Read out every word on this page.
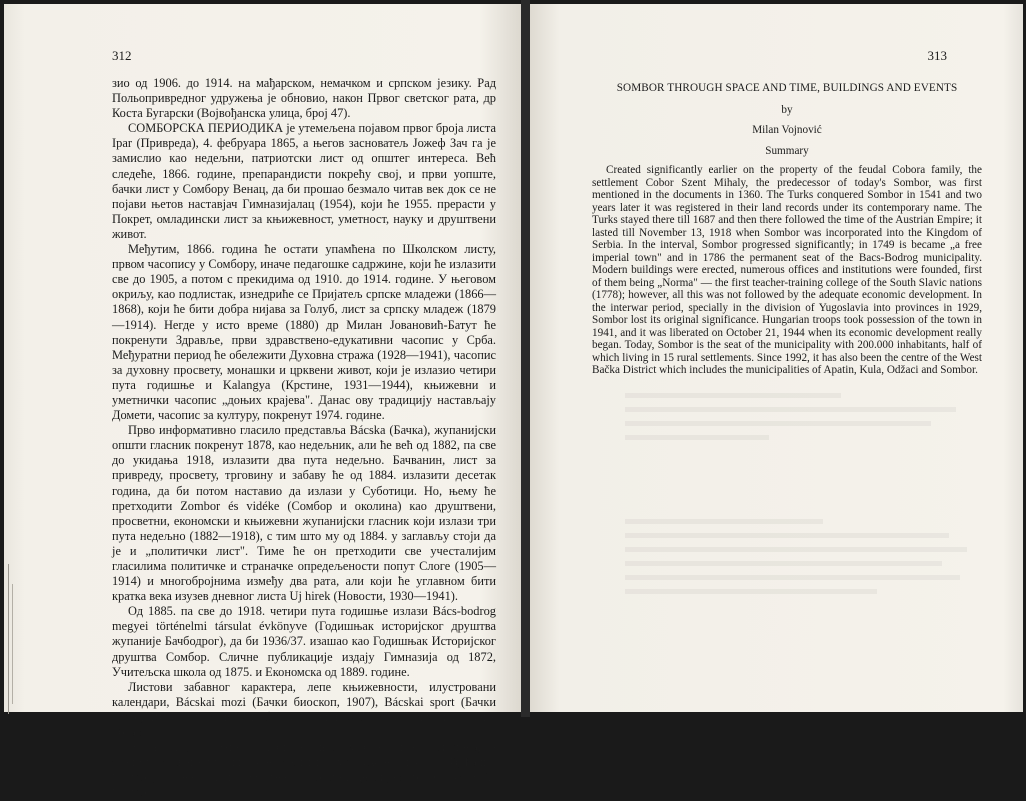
312

зио од 1906. до 1914. на мађарском, немачком и српском језику. Рад Польопривредног удружења је обновио, након Првог светског рата, др Коста Бугарски (Војвођанска улица, број 47).

СОМБОРСКА ПЕРИОДИКА је утемељена појавом првог броја листа Ipar (Привреда), 4. фебруара 1865, а његов засноватељ Јожеф Зач га је замислио као недељни, патриотски лист од општег интереса. Већ следеће, 1866. године, препарандисти покрећу свој, и први уопште, бачки лист у Сомбору Венац, да би прошао безмало читав век док се не појави њетов наставјач Гимназијалац (1954), који ће 1955. прерасти у Покрет, омладински лист за књижевност, уметност, науку и друштвени живот.

Међутим, 1866. година ће остати упамћена по Школском листу, првом часопису у Сомбору, иначе педагошке садржине, који ће излазити све до 1905, а потом с прекидима од 1910. до 1914. године. У његовом окриљу, као подлистак, изнедриће се Пријатељ српске младежи (1866—1868), који ће бити добра нијава за Голуб, лист за српску младеж (1879—1914). Негде у исто време (1880) др Милан Јовановић-Батут ће покренути Здравље, први здравствено-едукативни часопис у Срба. Међуратни период ће обележити Духовна стража (1928—1941), часопис за духовну просвету, монашки и црквени живот, који је излазио четири пута годишње и Kalangya (Крстине, 1931—1944), књижевни и уметнички часопис „доњих крајева". Данас ову традицију настављају Домети, часопис за културу, покренут 1974. године.

Прво информативно гласило представља Bácska (Бачка), жупанијски општи гласник покренут 1878, као недељник, али ће већ од 1882, па све до укидања 1918, излазити два пута недељно. Бачванин, лист за привреду, просвету, трговину и забаву ће од 1884. излазити десетак година, да би потом наставио да излази у Суботици. Но, њему ће претходити Zombor és vidéke (Сомбор и околина) као друштвени, просветни, економски и књижевни жупанијски гласник који излази три пута недељно (1882—1918), с тим што му од 1884. у заглављу стоји да је и „политички лист". Тиме ће он претходити све учесталијим гласилима политичке и страначке опредељености попут Слоге (1905—1914) и многобројнима између два рата, али који ће углавном бити кратка века изузев дневног листа Uj hirek (Новости, 1930—1941).

Од 1885. па све до 1918. четири пута годишње излази Bács-bodrog megyei történelmi társulat évkönyve (Годишњак историјског друштва жупаније Бачбодрог), да би 1936/37. изашао као Годишњак Историјског друштва Сомбор. Сличне публикације издају Гимназија од 1872, Учитељска школа од 1875. и Економска од 1889. године.

Листови забавног карактера, лепе књижевности, илустровани календари, Bácskai mozi (Бачки биоскоп, 1907), Bácskai sport (Бачки спорт, 1914) имају своју публику и задовољавају њен укус из разних области.

Након Другог рата јавност је информисана преко билтена, а традицију јавних гласила ће наставити Сомборске новине (1954), Радио Сомбор, а однедавно и приватне радио станице Сијестар и Сонет и ТВ Сомбор.

313
SOMBOR THROUGH SPACE AND TIME, BUILDINGS AND EVENTS
by
Milan Vojnović
Summary

Created significantly earlier on the property of the feudal Cobora family, the settlement Cobor Szent Mihaly, the predecessor of today's Sombor, was first mentioned in the documents in 1360. The Turks conquered Sombor in 1541 and two years later it was registered in their land records under its contemporary name. The Turks stayed there till 1687 and then there followed the time of the Austrian Empire; it lasted till November 13, 1918 when Sombor was incorporated into the Kingdom of Serbia. In the interval, Sombor progressed significantly; in 1749 is became „a free imperial town" and in 1786 the permanent seat of the Bacs-Bodrog municipality. Modern buildings were erected, numerous offices and institutions were founded, first of them being „Norma" — the first teacher-training college of the South Slavic nations (1778); however, all this was not followed by the adequate economic development. In the interwar period, specially in the division of Yugoslavia into provinces in 1929, Sombor lost its original significance. Hungarian troops took possession of the town in 1941, and it was liberated on October 21, 1944 when its economic development really began. Today, Sombor is the seat of the municipality with 200.000 inhabitants, half of which living in 15 rural settlements. Since 1992, it has also been the centre of the West Bačka District which includes the municipalities of Apatin, Kula, Odžaci and Sombor.
